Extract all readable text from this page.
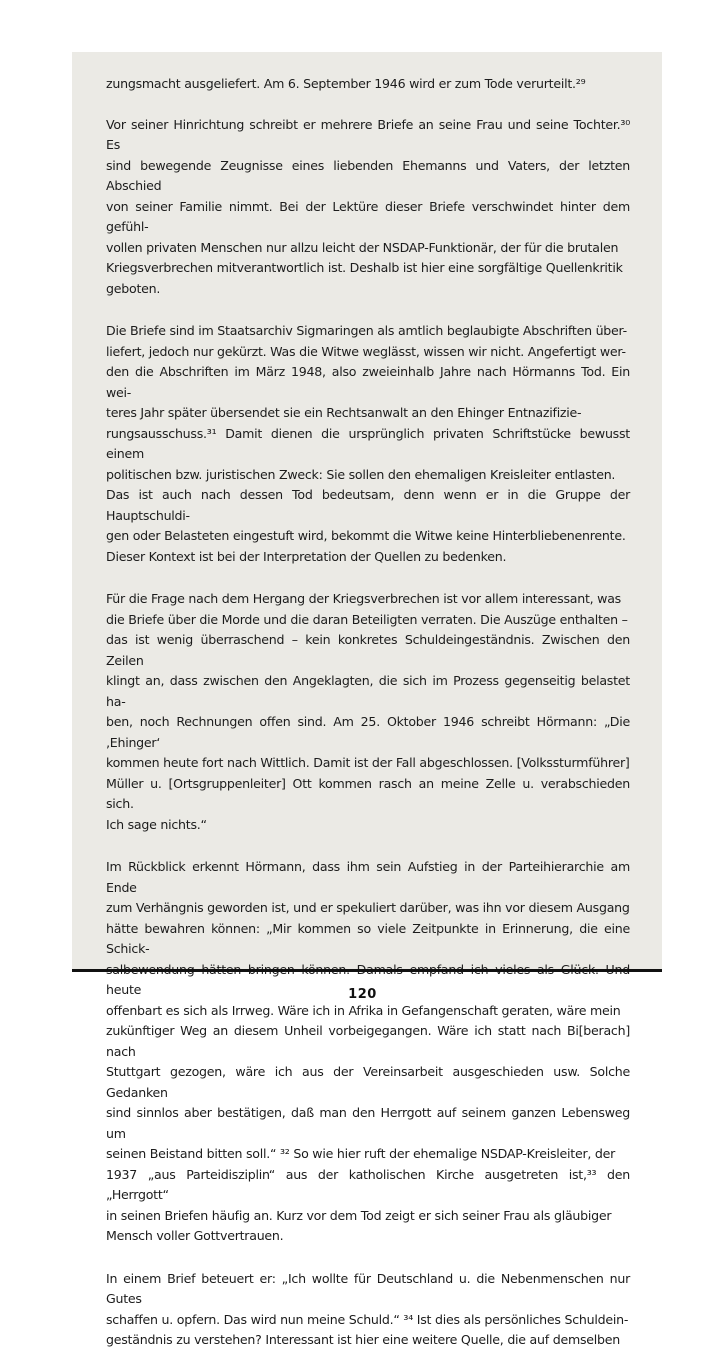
zungsmacht ausgeliefert. Am 6. September 1946 wird er zum Tode verurteilt.²⁹

Vor seiner Hinrichtung schreibt er mehrere Briefe an seine Frau und seine Tochter.³⁰ Es
sind bewegende Zeugnisse eines liebenden Ehemanns und Vaters, der letzten Abschied
von seiner Familie nimmt. Bei der Lektüre dieser Briefe verschwindet hinter dem gefühl-
vollen privaten Menschen nur allzu leicht der NSDAP-Funktionär, der für die brutalen
Kriegsverbrechen mitverantwortlich ist. Deshalb ist hier eine sorgfältige Quellenkritik
geboten.

Die Briefe sind im Staatsarchiv Sigmaringen als amtlich beglaubigte Abschriften über-
liefert, jedoch nur gekürzt. Was die Witwe weglässt, wissen wir nicht. Angefertigt wer-
den die Abschriften im März 1948, also zweieinhalb Jahre nach Hörmanns Tod. Ein wei-
teres Jahr später übersendet sie ein Rechtsanwalt an den Ehinger Entnazifizie-
rungsausschuss.³¹ Damit dienen die ursprünglich privaten Schriftstücke bewusst einem
politischen bzw. juristischen Zweck: Sie sollen den ehemaligen Kreisleiter entlasten.
Das ist auch nach dessen Tod bedeutsam, denn wenn er in die Gruppe der Hauptschuldi-
gen oder Belasteten eingestuft wird, bekommt die Witwe keine Hinterbliebenenrente.
Dieser Kontext ist bei der Interpretation der Quellen zu bedenken.

Für die Frage nach dem Hergang der Kriegsverbrechen ist vor allem interessant, was
die Briefe über die Morde und die daran Beteiligten verraten. Die Auszüge enthalten –
das ist wenig überraschend – kein konkretes Schuldeingeständnis. Zwischen den Zeilen
klingt an, dass zwischen den Angeklagten, die sich im Prozess gegenseitig belastet ha-
ben, noch Rechnungen offen sind. Am 25. Oktober 1946 schreibt Hörmann: „Die ‚Ehinger‘
kommen heute fort nach Wittlich. Damit ist der Fall abgeschlossen. [Volkssturmführer]
Müller u. [Ortsgruppenleiter] Ott kommen rasch an meine Zelle u. verabschieden sich.
Ich sage nichts.“

Im Rückblick erkennt Hörmann, dass ihm sein Aufstieg in der Parteihierarchie am Ende
zum Verhängnis geworden ist, und er spekuliert darüber, was ihn vor diesem Ausgang
hätte bewahren können: „Mir kommen so viele Zeitpunkte in Erinnerung, die eine Schick-
heute
offenbart es sich als Irrweg. Wäre ich in Afrika in Gefangenschaft geraten, wäre mein
zukünftiger Weg an diesem Unheil vorbeigegangen. Wäre ich statt nach Bi[berach] nach
Stuttgart gezogen, wäre ich aus der Vereinsarbeit ausgeschieden usw. Solche Gedanken
sind sinnlos aber bestätigen, daß man den Herrgott auf seinem ganzen Lebensweg um
seinen Beistand bitten soll.“ ³² So wie hier ruft der ehemalige NSDAP-Kreisleiter, der
1937 „aus Parteidisziplin“ aus der katholischen Kirche ausgetreten ist,³³ den „Herrgott“
in seinen Briefen häufig an. Kurz vor dem Tod zeigt er sich seiner Frau als gläubiger
Mensch voller Gottvertrauen.

In einem Brief beteuert er: „Ich wollte für Deutschland u. die Nebenmenschen nur Gutes
schaffen u. opfern. Das wird nun meine Schuld.“ ³⁴ Ist dies als persönliches Schuldein-
geständnis zu verstehen? Interessant ist hier eine weitere Quelle, die auf demselben

120
